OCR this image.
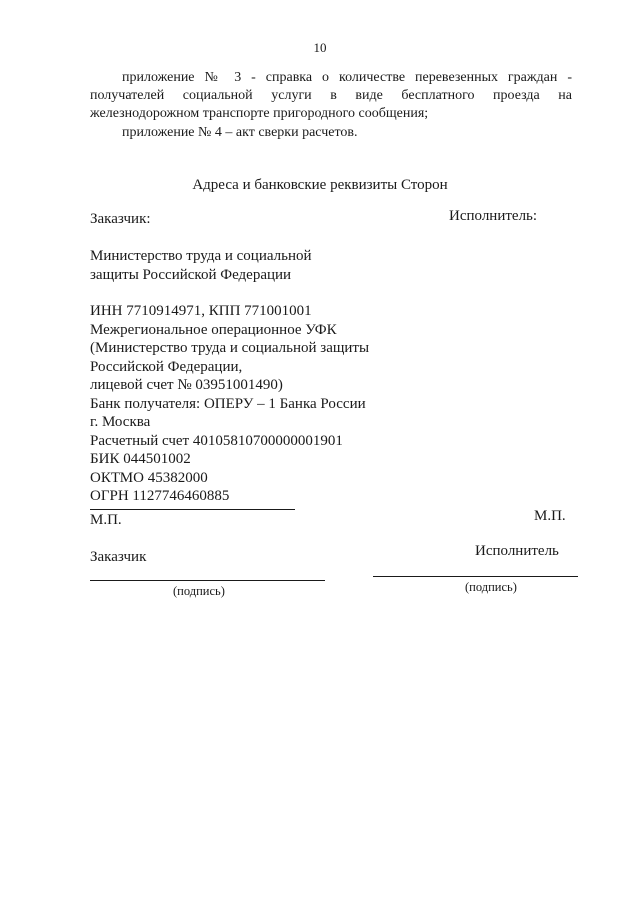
10
приложение № 3 - справка о количестве перевезенных граждан -
получателей социальной услуги в виде бесплатного проезда на
железнодорожном транспорте пригородного сообщения;
приложение № 4 – акт сверки расчетов.
Адреса и банковские реквизиты Сторон
Заказчик:	Исполнитель:
Министерство труда и социальной
защиты Российской Федерации
ИНН 7710914971, КПП 771001001
Межрегиональное операционное УФК
(Министерство труда и социальной защиты
Российской Федерации,
лицевой счет № 03951001490)
Банк получателя: ОПЕРУ – 1 Банка России
г. Москва
Расчетный счет 40105810700000001901
БИК 044501002
ОКТМО 45382000
ОГРН 1127746460885
М.П.	М.П.
Заказчик	Исполнитель
(подпись)	(подпись)
